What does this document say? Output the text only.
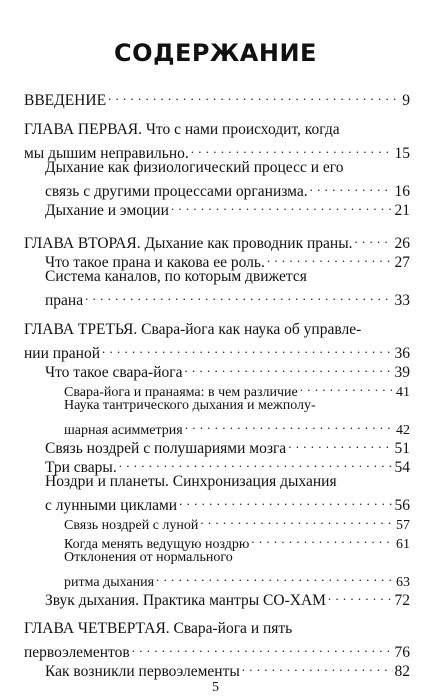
СОДЕРЖАНИЕ
ВВЕДЕНИЕ . . .	9
ГЛАВА ПЕРВАЯ. Что с нами происходит, когда
мы дышим неправильно. . . .	15
Дыхание как физиологический процесс и его
связь с другими процессами организма. . . .	16
Дыхание и эмоции . . .	21
ГЛАВА ВТОРАЯ. Дыхание как проводник праны. . . .	26
Что такое прана и какова ее роль. . . .	27
Система каналов, по которым движется
прана . . .	33
ГЛАВА ТРЕТЬЯ. Свара-йога как наука об управле-
нии праной . . .	36
Что такое свара-йога . . .	39
Свара-йога и пранаяма: в чем различие . . .	41
Наука тантрического дыхания и межполу-
шарная асимметрия . . .	42
Связь ноздрей с полушариями мозга . . .	51
Три свары. . . .	54
Ноздри и планеты. Синхронизация дыхания
с лунными циклами . . .	56
Связь ноздрей с луной . . .	57
Когда менять ведущую ноздрю . . .	61
Отклонения от нормального
ритма дыхания . . .	63
Звук дыхания. Практика мантры СО-ХАМ . . .	72
ГЛАВА ЧЕТВЕРТАЯ. Свара-йога и пять
первоэлементов . . .	76
Как возникли первоэлементы . . .	82
5
